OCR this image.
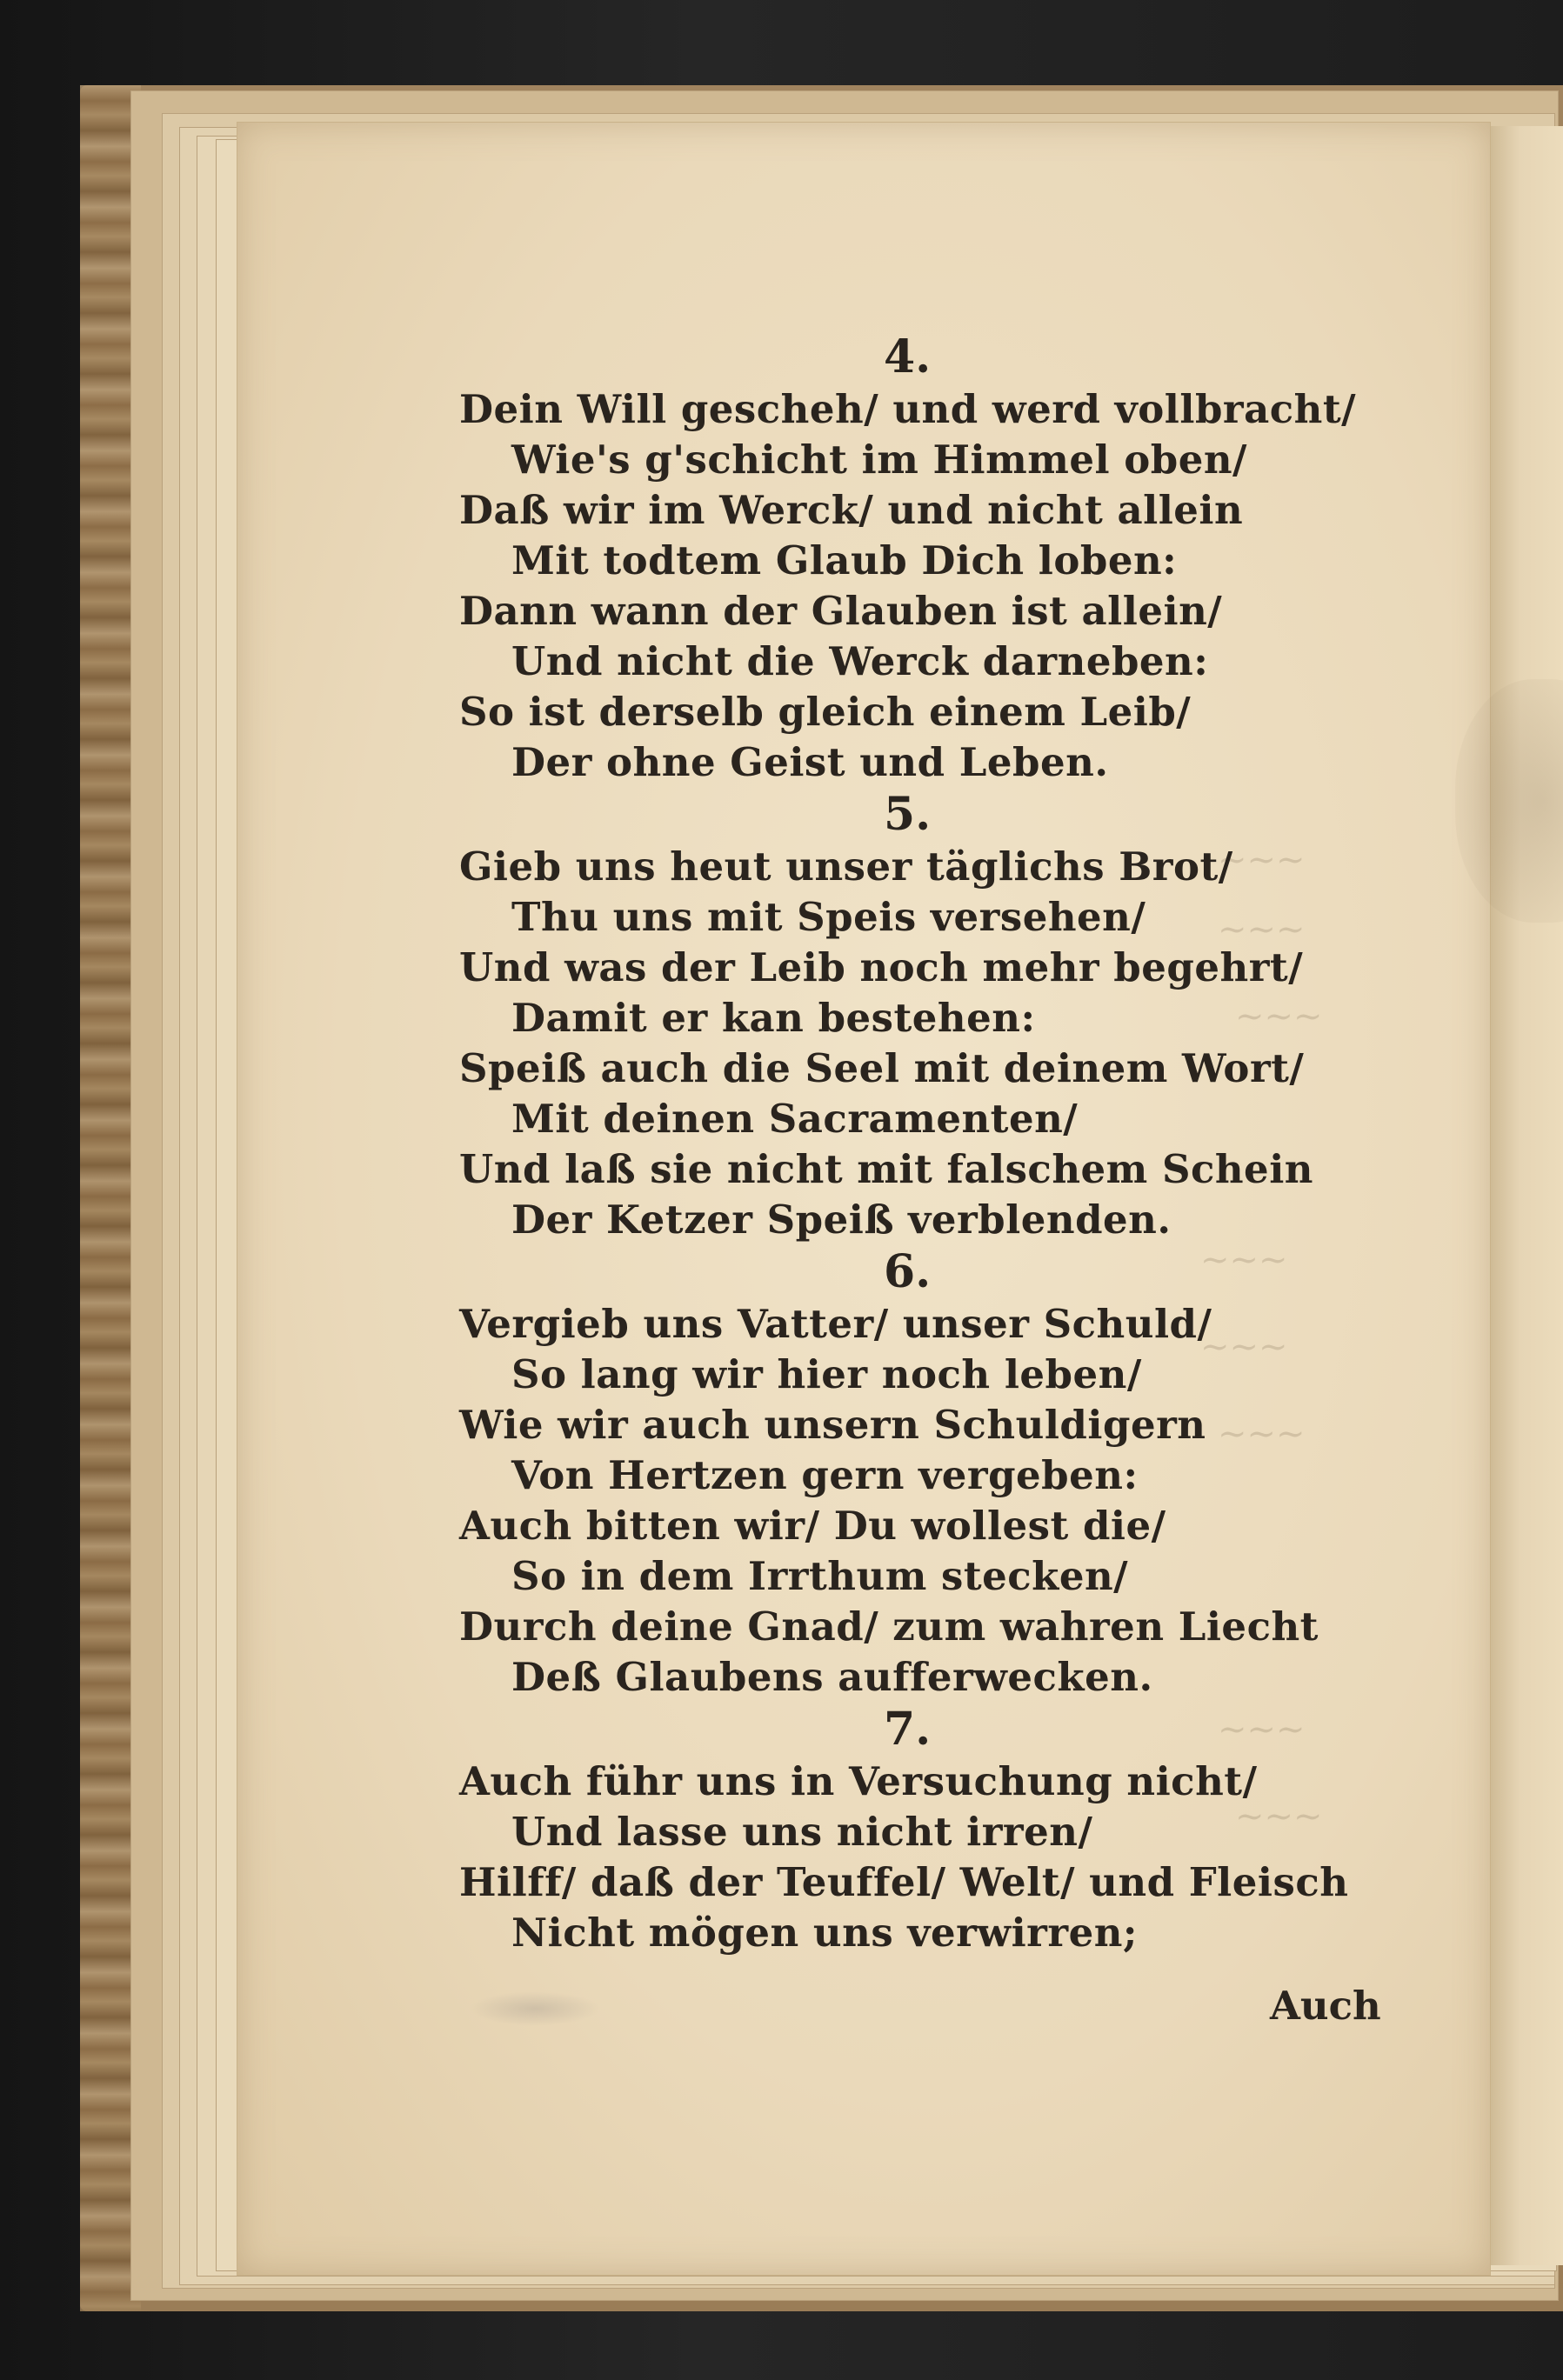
~~~
~~~
~~~
~~~
~~~
~~~
~~~
~~~
4.
Dein Will gescheh/ und werd vollbracht/
Wie's g'schicht im Himmel oben/
Daß wir im Werck/ und nicht allein
Mit todtem Glaub Dich loben:
Dann wann der Glauben ist allein/
Und nicht die Werck darneben:
So ist derselb gleich einem Leib/
Der ohne Geist und Leben.
5.
Gieb uns heut unser täglichs Brot/
Thu uns mit Speis versehen/
Und was der Leib noch mehr begehrt/
Damit er kan bestehen:
Speiß auch die Seel mit deinem Wort/
Mit deinen Sacramenten/
Und laß sie nicht mit falschem Schein
Der Ketzer Speiß verblenden.
6.
Vergieb uns Vatter/ unser Schuld/
So lang wir hier noch leben/
Wie wir auch unsern Schuldigern
Von Hertzen gern vergeben:
Auch bitten wir/ Du wollest die/
So in dem Irrthum stecken/
Durch deine Gnad/ zum wahren Liecht
Deß Glaubens aufferwecken.
7.
Auch führ uns in Versuchung nicht/
Und lasse uns nicht irren/
Hilff/ daß der Teuffel/ Welt/ und Fleisch
Nicht mögen uns verwirren;
Auch
